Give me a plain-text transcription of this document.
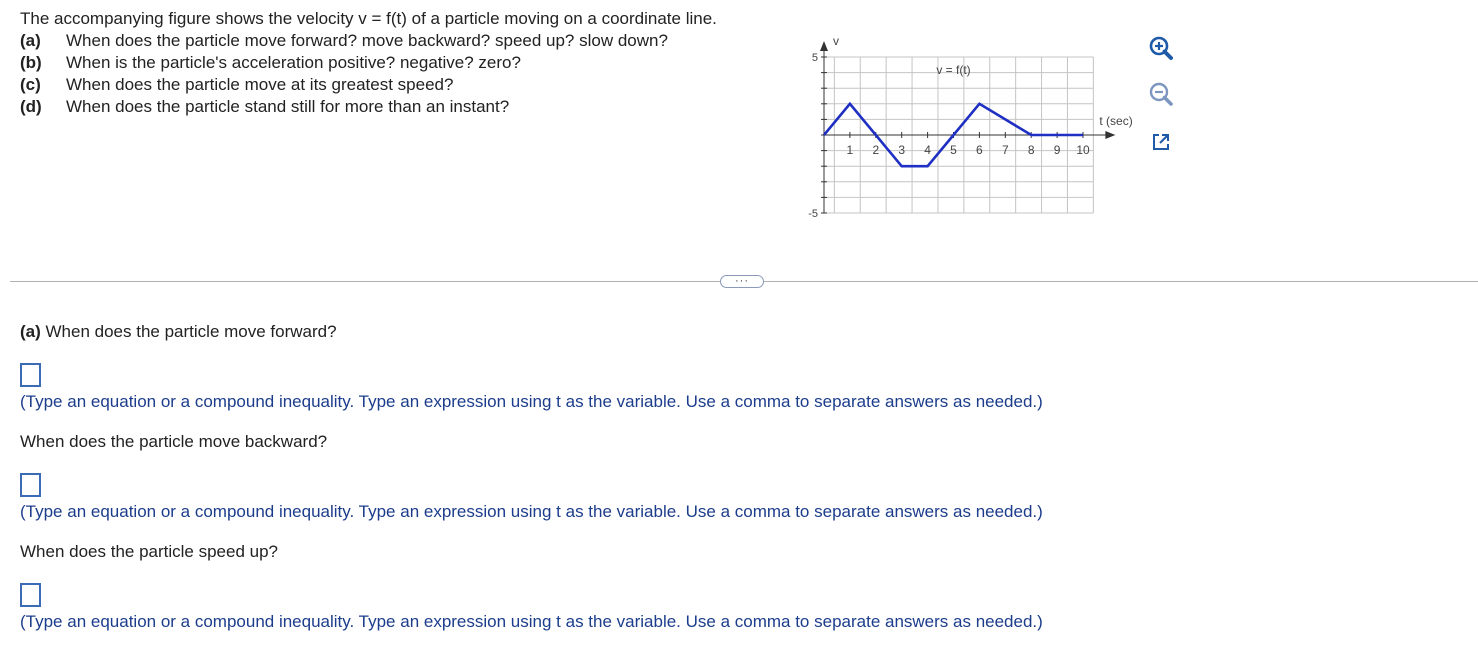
The accompanying figure shows the velocity v = f(t) of a particle moving on a coordinate line.
(a)	When does the particle move forward? move backward? speed up? slow down?
(b)	When is the particle's acceleration positive? negative? zero?
(c)	When does the particle move at its greatest speed?
(d)	When does the particle stand still for more than an instant?
5
-5
1 2 3 4 5 6 7 8 9 10
v
t (sec)
v = f(t)
···
(a) When does the particle move forward?
(Type an equation or a compound inequality. Type an expression using t as the variable. Use a comma to separate answers as needed.)
When does the particle move backward?
(Type an equation or a compound inequality. Type an expression using t as the variable. Use a comma to separate answers as needed.)
When does the particle speed up?
(Type an equation or a compound inequality. Type an expression using t as the variable. Use a comma to separate answers as needed.)
